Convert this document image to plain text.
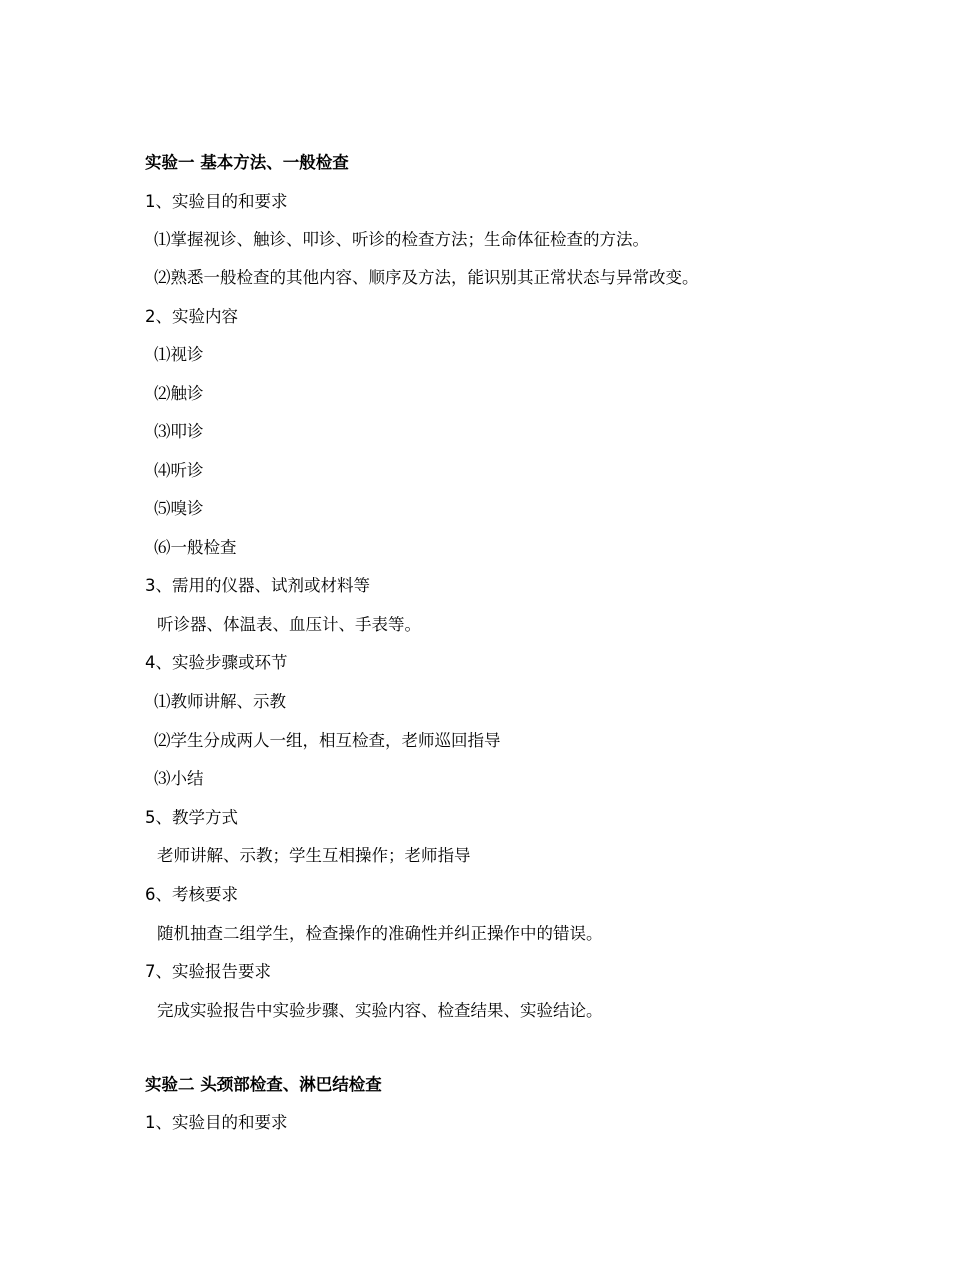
实验一 基本方法、一般检查
1、实验目的和要求
⑴掌握视诊、触诊、叩诊、听诊的检查方法；生命体征检查的方法。
⑵熟悉一般检查的其他内容、顺序及方法，能识别其正常状态与异常改变。
2、实验内容
⑴视诊
⑵触诊
⑶叩诊
⑷听诊
⑸嗅诊
⑹一般检查
3、需用的仪器、试剂或材料等
听诊器、体温表、血压计、手表等。
4、实验步骤或环节
⑴教师讲解、示教
⑵学生分成两人一组，相互检查，老师巡回指导
⑶小结
5、教学方式
老师讲解、示教；学生互相操作；老师指导
6、考核要求
随机抽查二组学生，检查操作的准确性并纠正操作中的错误。
7、实验报告要求
完成实验报告中实验步骤、实验内容、检查结果、实验结论。
实验二 头颈部检查、淋巴结检查
1、实验目的和要求
